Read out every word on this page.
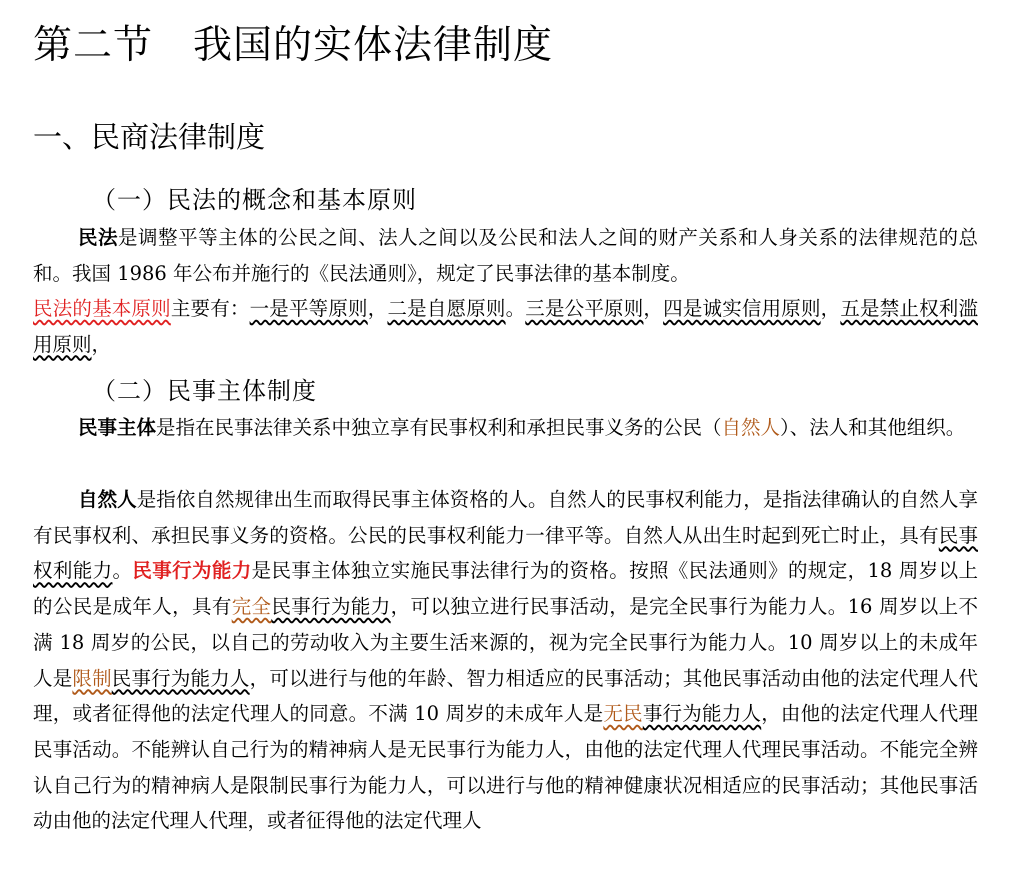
第二节 我国的实体法律制度
一、民商法律制度
（一）民法的概念和基本原则

民法是调整平等主体的公民之间、法人之间以及公民和法人之间的财产关系和人身关系的法律规范的总和。我国 1986 年公布并施行的《民法通则》，规定了民事法律的基本制度。

民法的基本原则主要有：一是平等原则，二是自愿原则。三是公平原则，四是诚实信用原则，五是禁止权利滥用原则，

（二）民事主体制度

民事主体是指在民事法律关系中独立享有民事权利和承担民事义务的公民（自然人）、法人和其他组织。

自然人是指依自然规律出生而取得民事主体资格的人。自然人的民事权利能力，是指法律确认的自然人享有民事权利、承担民事义务的资格。公民的民事权利能力一律平等。自然人从出生时起到死亡时止，具有民事权利能力。民事行为能力是民事主体独立实施民事法律行为的资格。按照《民法通则》的规定，18 周岁以上的公民是成年人，具有完全民事行为能力，可以独立进行民事活动，是完全民事行为能力人。16 周岁以上不满 18 周岁的公民，以自己的劳动收入为主要生活来源的，视为完全民事行为能力人。10 周岁以上的未成年人是限制民事行为能力人，可以进行与他的年龄、智力相适应的民事活动；其他民事活动由他的法定代理人代理，或者征得他的法定代理人的同意。不满 10 周岁的未成年人是无民事行为能力人，由他的法定代理人代理民事活动。不能辨认自己行为的精神病人是无民事行为能力人，由他的法定代理人代理民事活动。不能完全辨认自己行为的精神病人是限制民事行为能力人，可以进行与他的精神健康状况相适应的民事活动；其他民事活动由他的法定代理人代理，或者征得他的法定代理人
